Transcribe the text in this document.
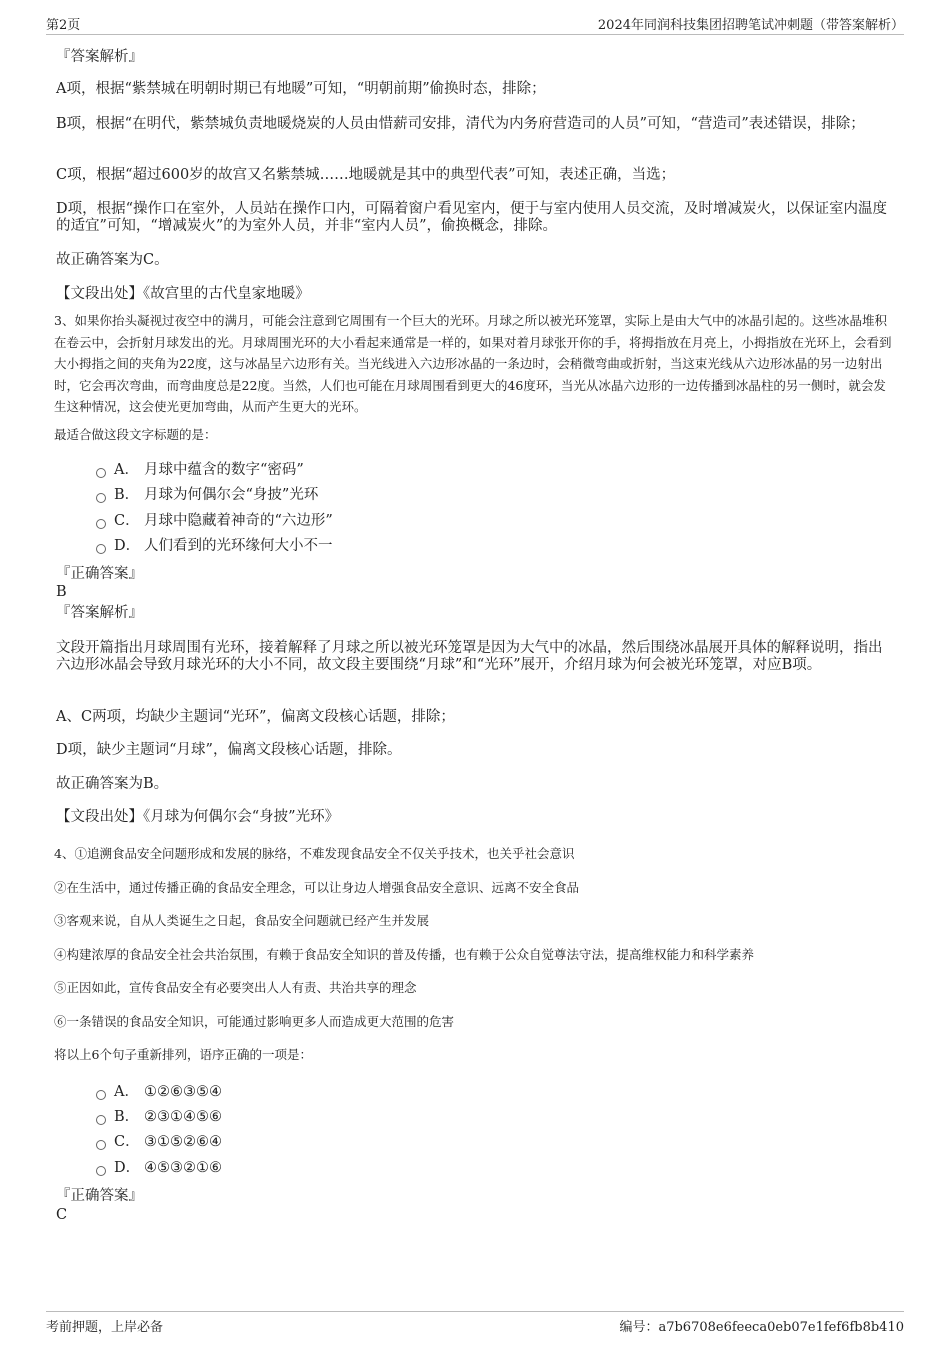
第2页	2024年同润科技集团招聘笔试冲刺题（带答案解析）

『答案解析』

A项，根据“紫禁城在明朝时期已有地暖”可知，“明朝前期”偷换时态，排除；

B项，根据“在明代，紫禁城负责地暖烧炭的人员由惜薪司安排，清代为内务府营造司的人员”可知，“营造司”表述错误，排除；

C项，根据“超过600岁的故宫又名紫禁城……地暖就是其中的典型代表”可知，表述正确，当选；

D项，根据“操作口在室外，人员站在操作口内，可隔着窗户看见室内，便于与室内使用人员交流，及时增减炭火，以保证室内温度的适宜”可知，“增减炭火”的为室外人员，并非“室内人员”，偷换概念，排除。

故正确答案为C。

【文段出处】《故宫里的古代皇家地暖》

3、如果你抬头凝视过夜空中的满月，可能会注意到它周围有一个巨大的光环。月球之所以被光环笼罩，实际上是由大气中的冰晶引起的。这些冰晶堆积在卷云中，会折射月球发出的光。月球周围光环的大小看起来通常是一样的，如果对着月球张开你的手，将拇指放在月亮上，小拇指放在光环上，会看到大小拇指之间的夹角为22度，这与冰晶呈六边形有关。当光线进入六边形冰晶的一条边时，会稍微弯曲或折射，当这束光线从六边形冰晶的另一边射出时，它会再次弯曲，而弯曲度总是22度。当然，人们也可能在月球周围看到更大的46度环，当光从冰晶六边形的一边传播到冰晶柱的另一侧时，就会发生这种情况，这会使光更加弯曲，从而产生更大的光环。

最适合做这段文字标题的是：

A． 月球中蕴含的数字“密码”
B． 月球为何偶尔会“身披”光环
C． 月球中隐藏着神奇的“六边形”
D． 人们看到的光环缘何大小不一

『正确答案』

B

『答案解析』

文段开篇指出月球周围有光环，接着解释了月球之所以被光环笼罩是因为大气中的冰晶，然后围绕冰晶展开具体的解释说明，指出六边形冰晶会导致月球光环的大小不同，故文段主要围绕“月球”和“光环”展开，介绍月球为何会被光环笼罩，对应B项。

A、C两项，均缺少主题词“光环”，偏离文段核心话题，排除；

D项，缺少主题词“月球”，偏离文段核心话题，排除。

故正确答案为B。

【文段出处】《月球为何偶尔会“身披”光环》

4、①追溯食品安全问题形成和发展的脉络，不难发现食品安全不仅关乎技术，也关乎社会意识

②在生活中，通过传播正确的食品安全理念，可以让身边人增强食品安全意识、远离不安全食品

③客观来说，自从人类诞生之日起，食品安全问题就已经产生并发展

④构建浓厚的食品安全社会共治氛围，有赖于食品安全知识的普及传播，也有赖于公众自觉尊法守法，提高维权能力和科学素养

⑤正因如此，宣传食品安全有必要突出人人有责、共治共享的理念

⑥一条错误的食品安全知识，可能通过影响更多人而造成更大范围的危害

将以上6个句子重新排列，语序正确的一项是：

A． ①②⑥③⑤④
B． ②③①④⑤⑥
C． ③①⑤②⑥④
D． ④⑤③②①⑥

『正确答案』

C

考前押题，上岸必备	编号：a7b6708e6feeca0eb07e1fef6fb8b410
